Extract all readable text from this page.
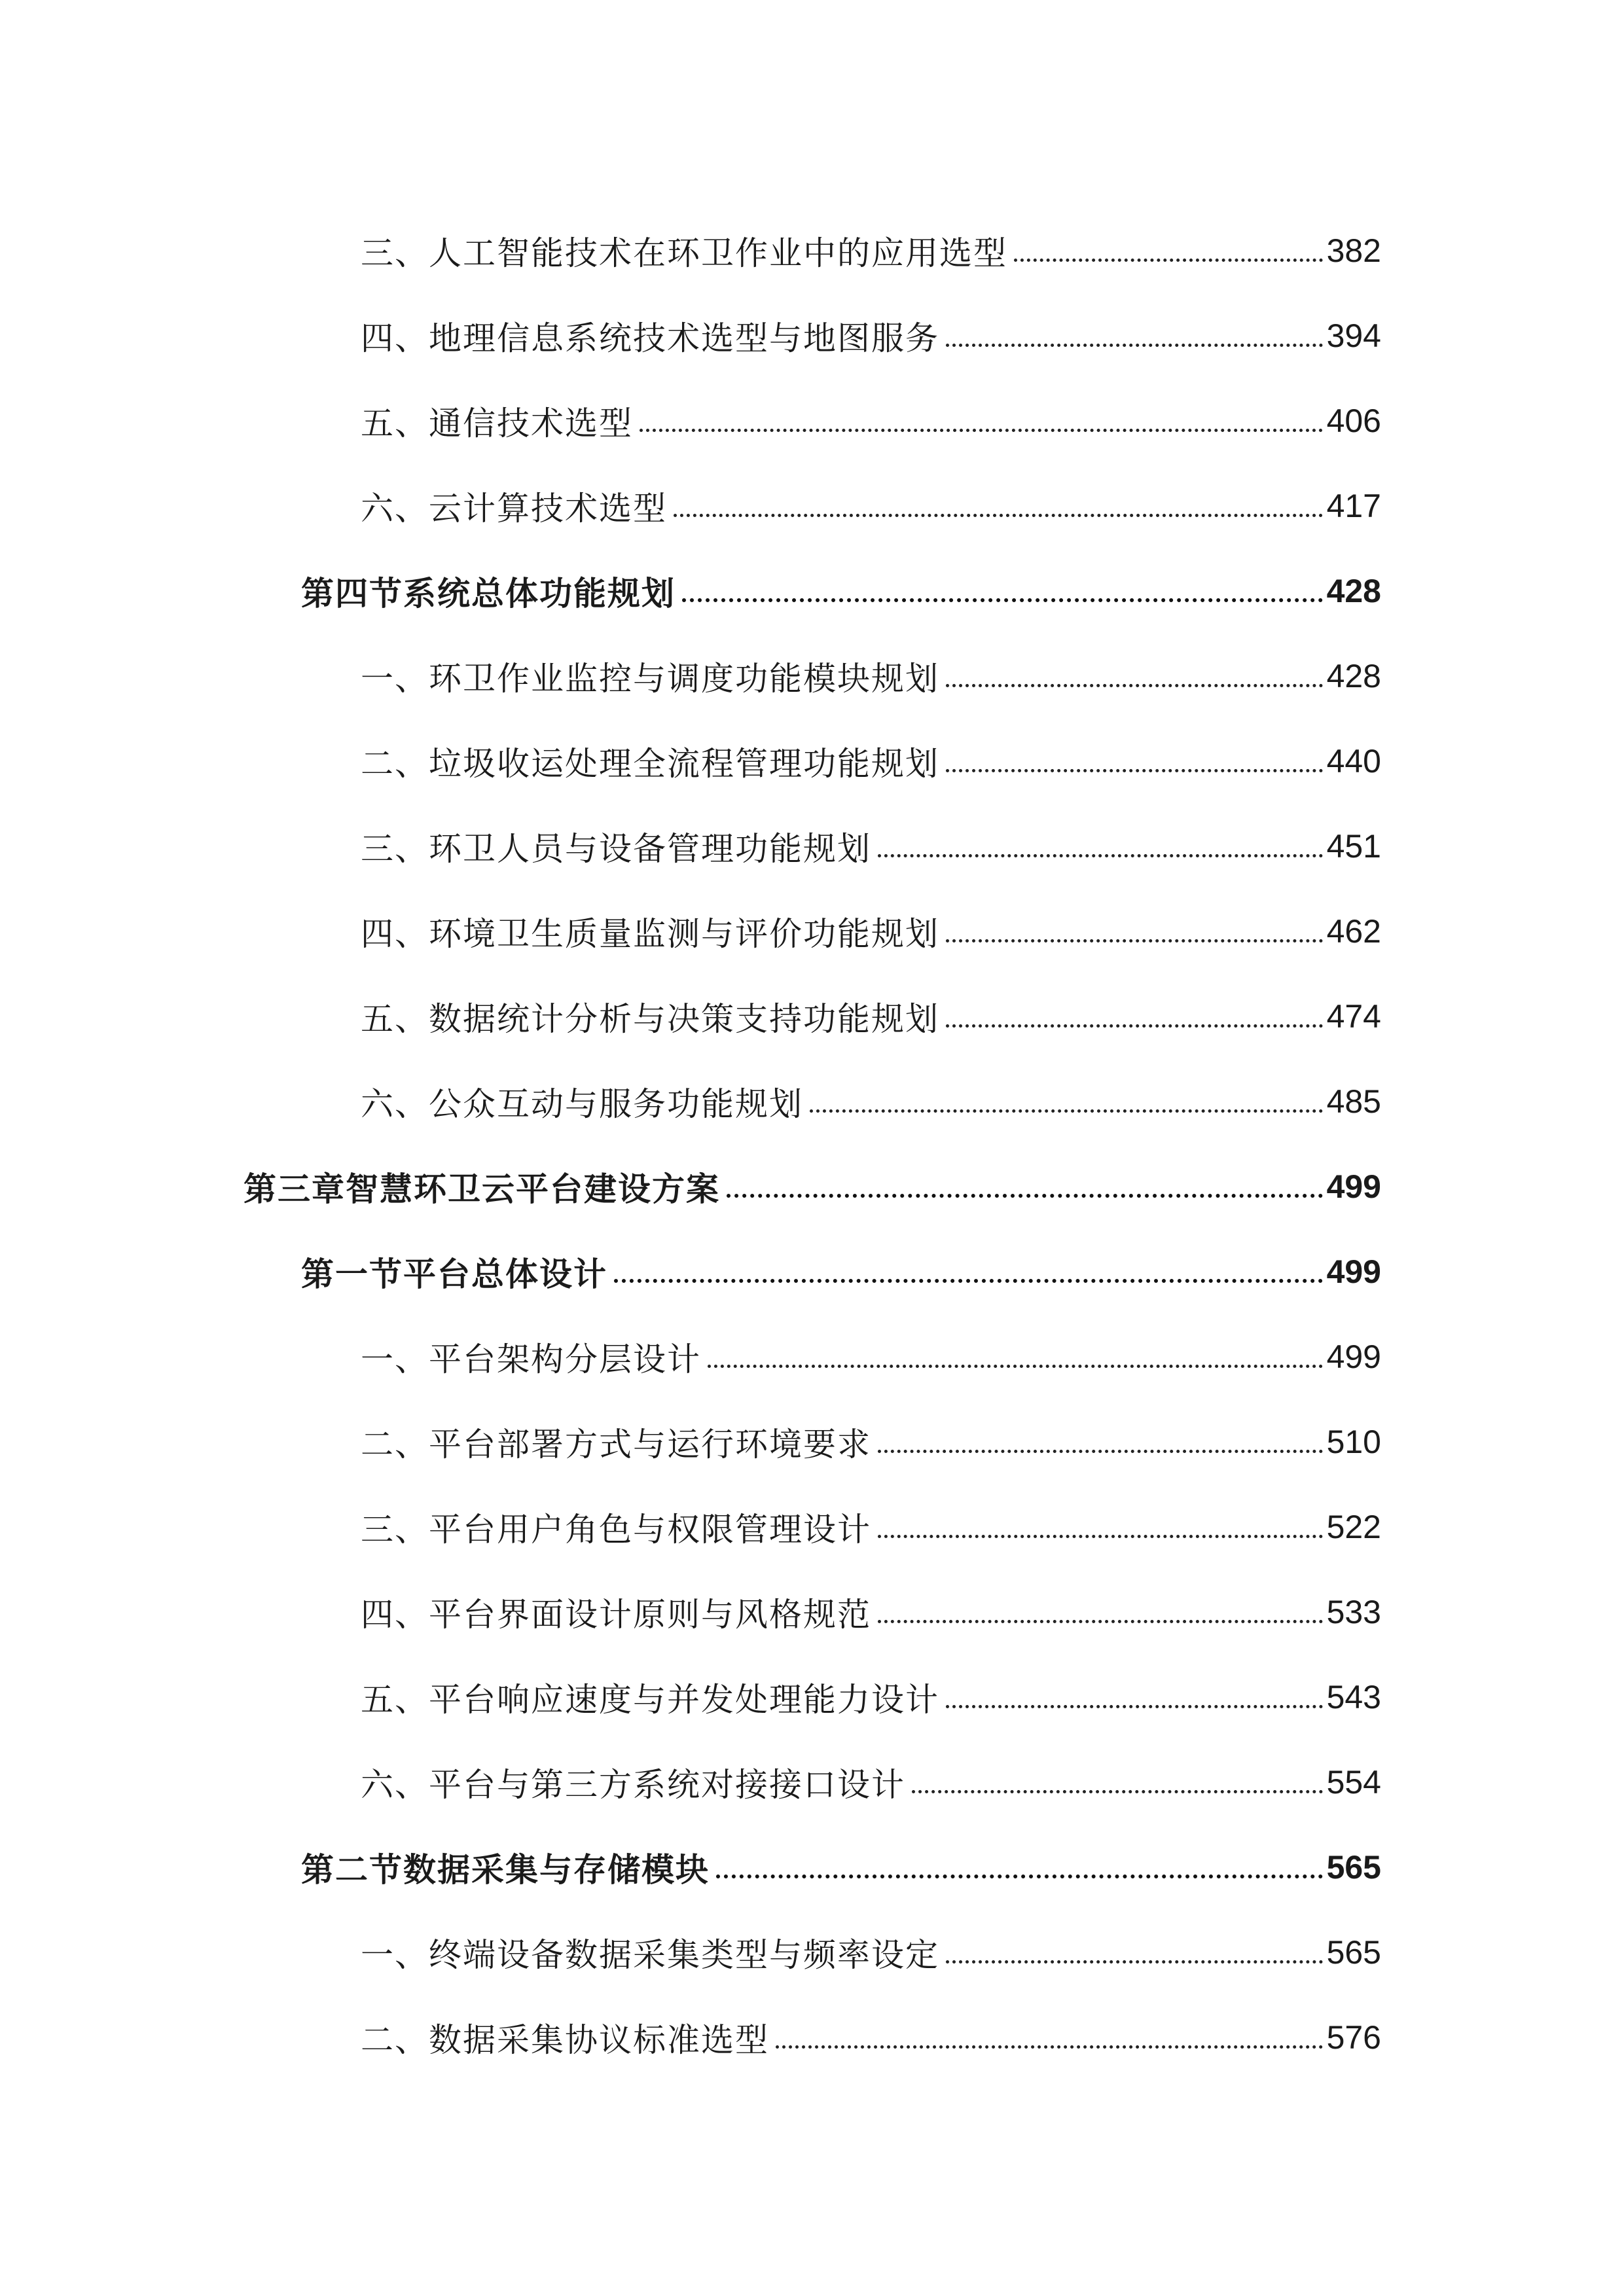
三、人工智能技术在环卫作业中的应用选型	382
四、地理信息系统技术选型与地图服务	394
五、通信技术选型	406
六、云计算技术选型	417
第四节系统总体功能规划	428
一、环卫作业监控与调度功能模块规划	428
二、垃圾收运处理全流程管理功能规划	440
三、环卫人员与设备管理功能规划	451
四、环境卫生质量监测与评价功能规划	462
五、数据统计分析与决策支持功能规划	474
六、公众互动与服务功能规划	485
第三章智慧环卫云平台建设方案	499
第一节平台总体设计	499
一、平台架构分层设计	499
二、平台部署方式与运行环境要求	510
三、平台用户角色与权限管理设计	522
四、平台界面设计原则与风格规范	533
五、平台响应速度与并发处理能力设计	543
六、平台与第三方系统对接接口设计	554
第二节数据采集与存储模块	565
一、终端设备数据采集类型与频率设定	565
二、数据采集协议标准选型	576
